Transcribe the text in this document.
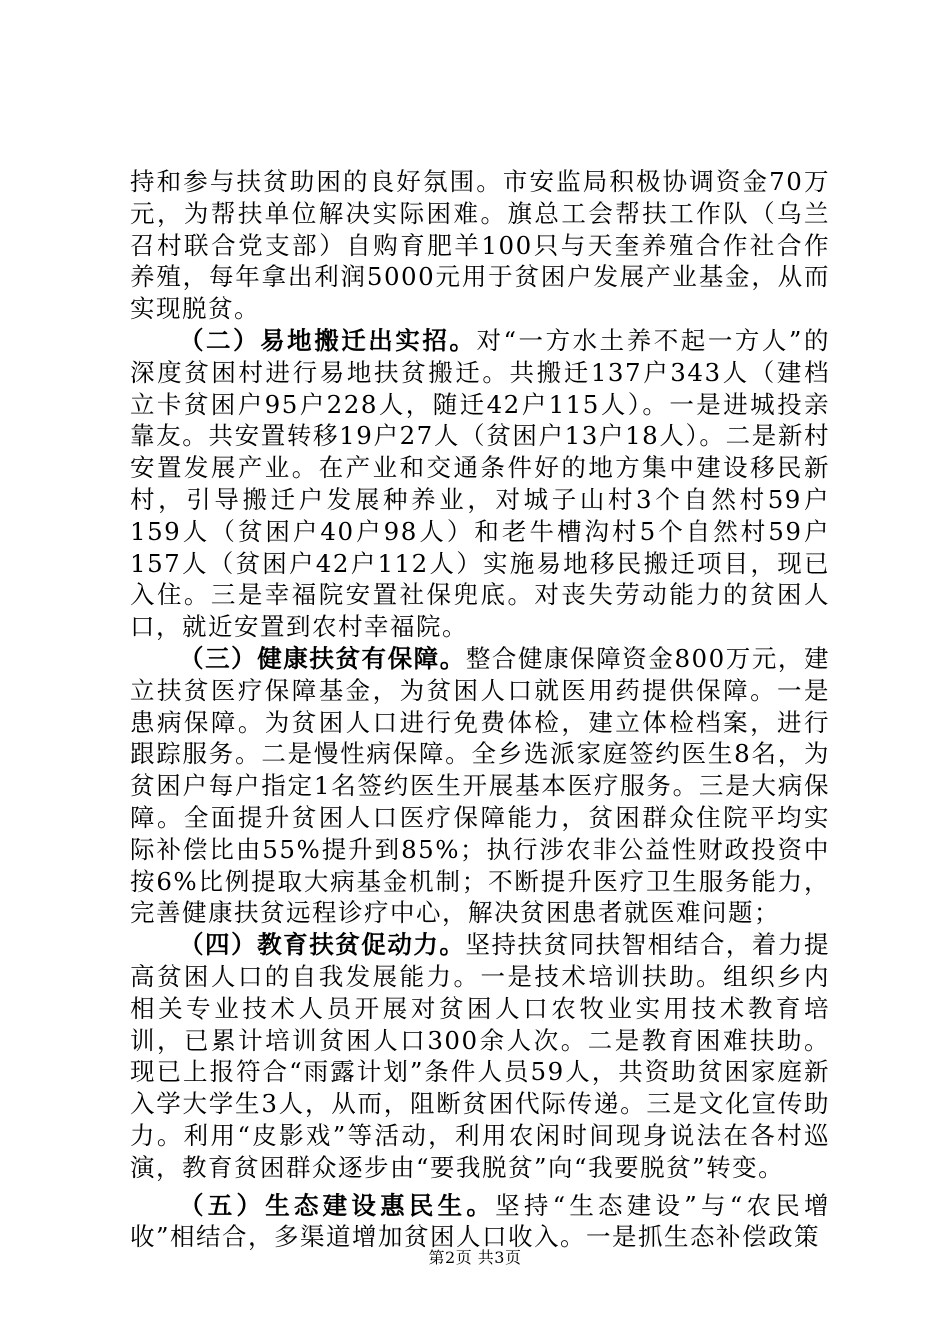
持和参与扶贫助困的良好氛围。市安监局积极协调资金70万元，为帮扶单位解决实际困难。旗总工会帮扶工作队（乌兰召村联合党支部）自购育肥羊100只与天奎养殖合作社合作养殖，每年拿出利润5000元用于贫困户发展产业基金，从而实现脱贫。

（二）易地搬迁出实招。对“一方水土养不起一方人”的深度贫困村进行易地扶贫搬迁。共搬迁137户343人（建档立卡贫困户95户228人，随迁42户115人）。一是进城投亲靠友。共安置转移19户27人（贫困户13户18人）。二是新村安置发展产业。在产业和交通条件好的地方集中建设移民新村，引导搬迁户发展种养业，对城子山村3个自然村59户159人（贫困户40户98人）和老牛槽沟村5个自然村59户157人（贫困户42户112人）实施易地移民搬迁项目，现已入住。三是幸福院安置社保兜底。对丧失劳动能力的贫困人口，就近安置到农村幸福院。

（三）健康扶贫有保障。整合健康保障资金800万元，建立扶贫医疗保障基金，为贫困人口就医用药提供保障。一是患病保障。为贫困人口进行免费体检，建立体检档案，进行跟踪服务。二是慢性病保障。全乡选派家庭签约医生8名，为贫困户每户指定1名签约医生开展基本医疗服务。三是大病保障。全面提升贫困人口医疗保障能力，贫困群众住院平均实际补偿比由55%提升到85%；执行涉农非公益性财政投资中按6%比例提取大病基金机制；不断提升医疗卫生服务能力，完善健康扶贫远程诊疗中心，解决贫困患者就医难问题；

（四）教育扶贫促动力。坚持扶贫同扶智相结合，着力提高贫困人口的自我发展能力。一是技术培训扶助。组织乡内相关专业技术人员开展对贫困人口农牧业实用技术教育培训，已累计培训贫困人口300余人次。二是教育困难扶助。现已上报符合“雨露计划”条件人员59人，共资助贫困家庭新入学大学生3人，从而，阻断贫困代际传递。三是文化宣传助力。利用“皮影戏”等活动，利用农闲时间现身说法在各村巡演，教育贫困群众逐步由“要我脱贫”向“我要脱贫”转变。

（五）生态建设惠民生。坚持“生态建设”与“农民增收”相结合，多渠道增加贫困人口收入。一是抓生态补偿政策

第2页 共3页
